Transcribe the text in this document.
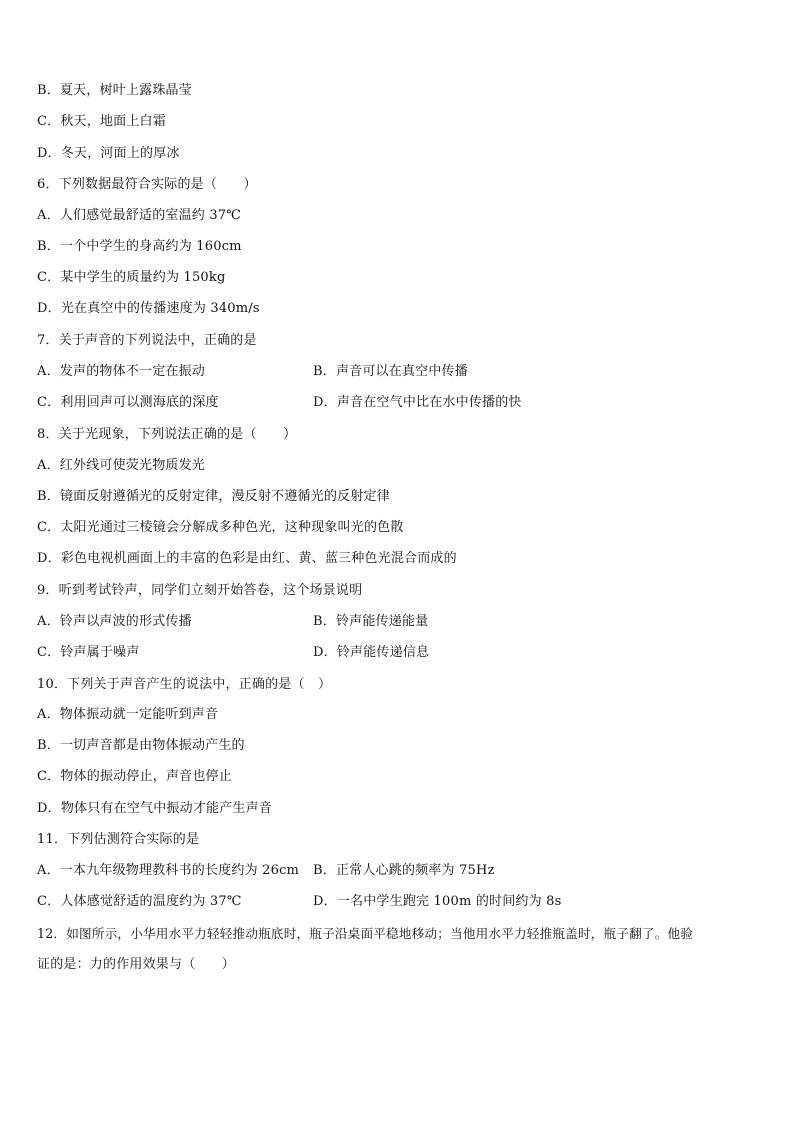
B．夏天，树叶上露珠晶莹
C．秋天，地面上白霜
D．冬天，河面上的厚冰
6．下列数据最符合实际的是（　　）
A．人们感觉最舒适的室温约 37℃
B．一个中学生的身高约为 160cm
C．某中学生的质量约为 150kg
D．光在真空中的传播速度为 340m/s
7．关于声音的下列说法中，正确的是
A．发声的物体不一定在振动	B．声音可以在真空中传播
C．利用回声可以测海底的深度	D．声音在空气中比在水中传播的快
8．关于光现象，下列说法正确的是（　　）
A．红外线可使荧光物质发光
B．镜面反射遵循光的反射定律，漫反射不遵循光的反射定律
C．太阳光通过三棱镜会分解成多种色光，这种现象叫光的色散
D．彩色电视机画面上的丰富的色彩是由红、黄、蓝三种色光混合而成的
9．听到考试铃声，同学们立刻开始答卷，这个场景说明
A．铃声以声波的形式传播	B．铃声能传递能量
C．铃声属于噪声	D．铃声能传递信息
10．下列关于声音产生的说法中，正确的是（　）
A．物体振动就一定能听到声音
B．一切声音都是由物体振动产生的
C．物体的振动停止，声音也停止
D．物体只有在空气中振动才能产生声音
11．下列估测符合实际的是
A．一本九年级物理教科书的长度约为 26cm B．正常人心跳的频率为 75Hz
C．人体感觉舒适的温度约为 37℃	D．一名中学生跑完 100m 的时间约为 8s
12．如图所示，小华用水平力轻轻推动瓶底时，瓶子沿桌面平稳地移动；当他用水平力轻推瓶盖时，瓶子翻了。他验
证的是：力的作用效果与（　　）
